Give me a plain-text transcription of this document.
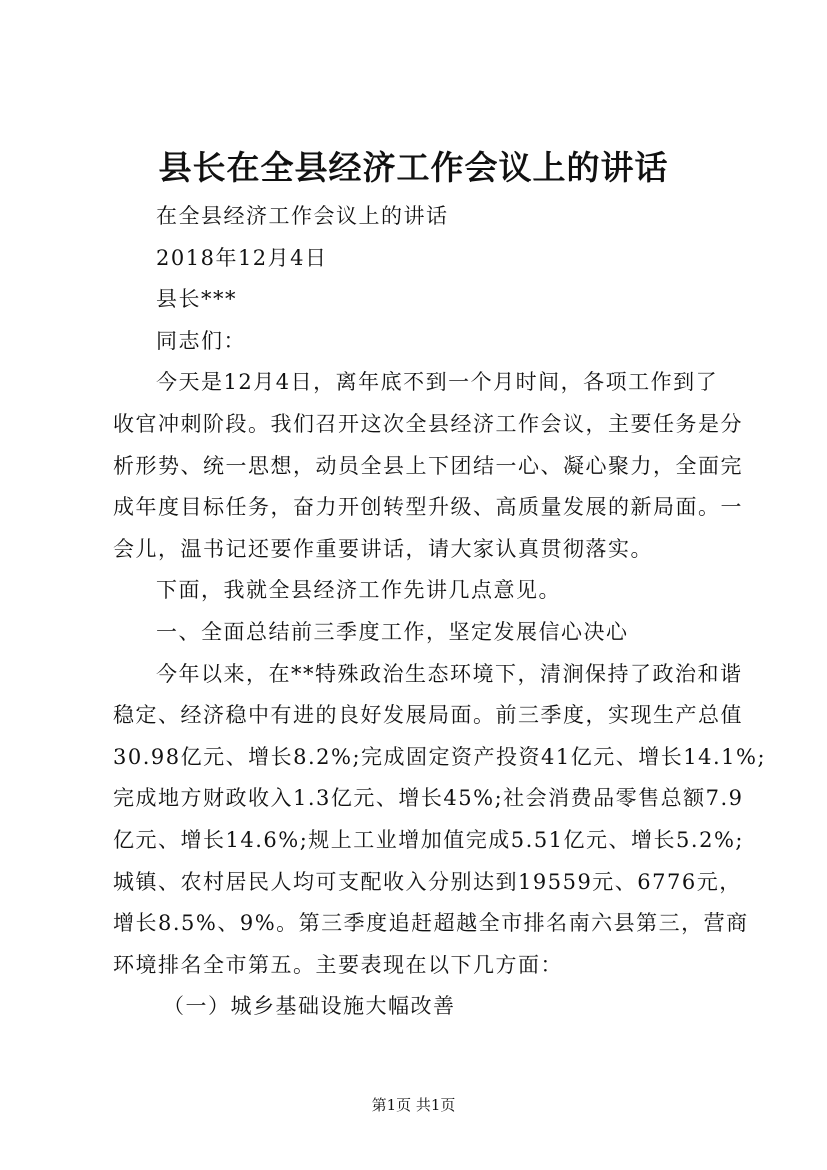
县长在全县经济工作会议上的讲话
在全县经济工作会议上的讲话
2018年12月4日
县长***
同志们：
今天是12月4日，离年底不到一个月时间，各项工作到了
收官冲刺阶段。我们召开这次全县经济工作会议，主要任务是分
析形势、统一思想，动员全县上下团结一心、凝心聚力，全面完
成年度目标任务，奋力开创转型升级、高质量发展的新局面。一
会儿，温书记还要作重要讲话，请大家认真贯彻落实。
下面，我就全县经济工作先讲几点意见。
一、全面总结前三季度工作，坚定发展信心决心
今年以来，在**特殊政治生态环境下，清涧保持了政治和谐
稳定、经济稳中有进的良好发展局面。前三季度，实现生产总值
30.98亿元、增长8.2%;完成固定资产投资41亿元、增长14.1%;
完成地方财政收入1.3亿元、增长45%;社会消费品零售总额7.9
亿元、增长14.6%;规上工业增加值完成5.51亿元、增长5.2%;
城镇、农村居民人均可支配收入分别达到19559元、6776元，
增长8.5%、9%。第三季度追赶超越全市排名南六县第三，营商
环境排名全市第五。主要表现在以下几方面：
（一）城乡基础设施大幅改善
第1页 共1页
